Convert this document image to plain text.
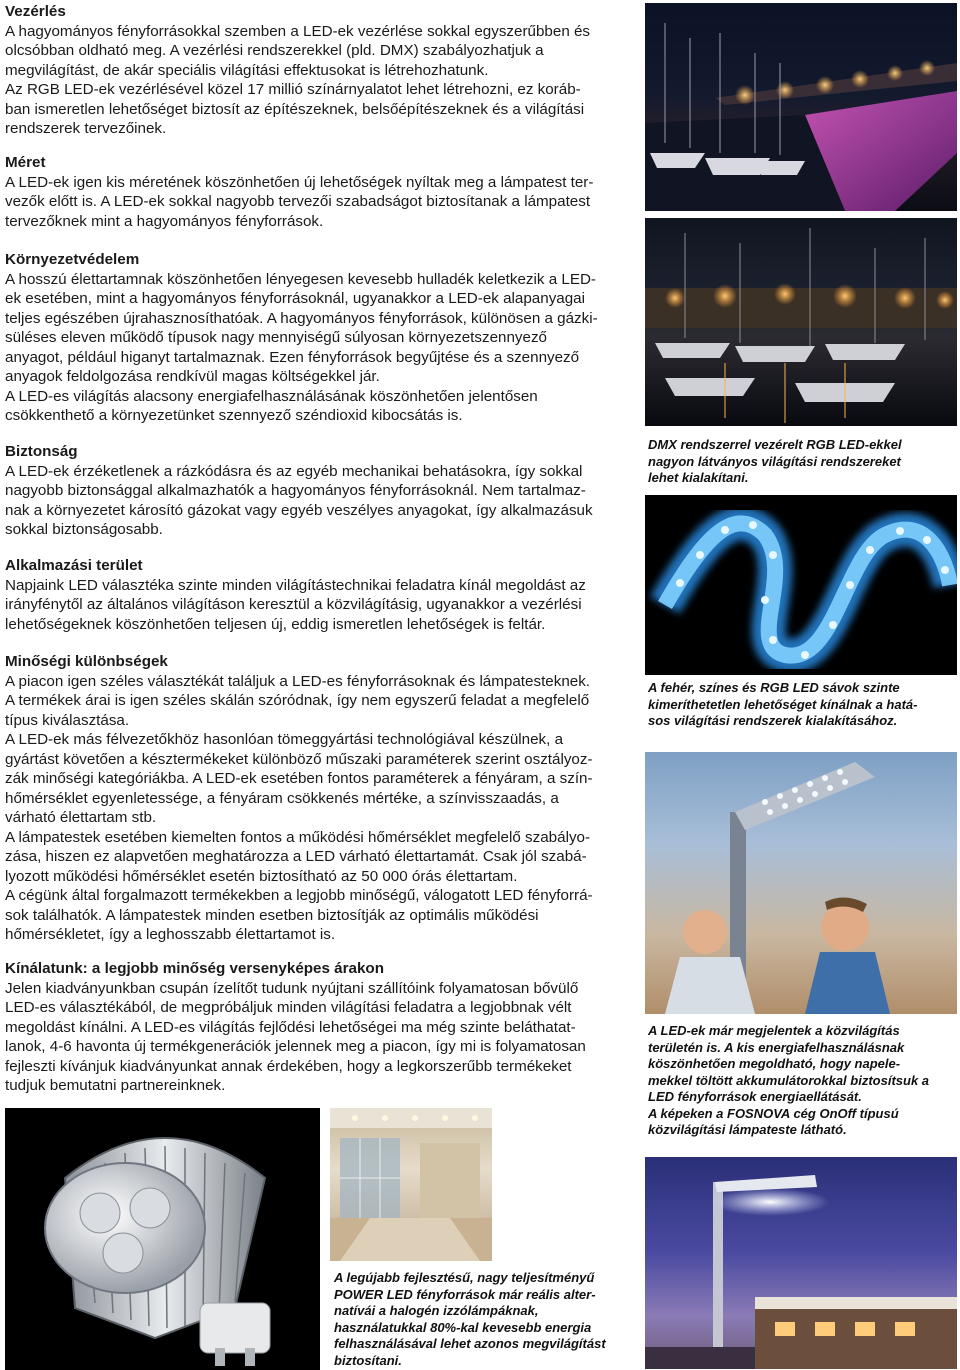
Vezérlés

A hagyományos fényforrásokkal szemben a LED-ek vezérlése sokkal egyszerűbben és

olcsóbban oldható meg. A vezérlési rendszerekkel (pld. DMX) szabályozhatjuk a

megvilágítást, de akár speciális világítási effektusokat is létrehozhatunk.

Az RGB LED-ek vezérlésével közel 17 millió színárnyalatot lehet létrehozni, ez koráb-

ban ismeretlen lehetőséget biztosít az építészeknek, belsőépítészeknek és a világítási

rendszerek tervezőinek.

Méret

A LED-ek igen kis méretének köszönhetően új lehetőségek nyíltak meg a lámpatest ter-

vezők előtt is. A LED-ek sokkal nagyobb tervezői szabadságot biztosítanak a lámpatest

tervezőknek mint a hagyományos fényforrások.

Környezetvédelem

A hosszú élettartamnak köszönhetően lényegesen kevesebb hulladék keletkezik a LED-

ek esetében, mint a hagyományos fényforrásoknál, ugyanakkor a LED-ek alapanyagai

teljes egészében újrahasznosíthatóak. A hagyományos fényforrások, különösen a gázki-

süléses eleven működő típusok nagy mennyiségű súlyosan környezetszennyező

anyagot, például higanyt tartalmaznak. Ezen fényforrások begyűjtése és a szennyező

anyagok feldolgozása rendkívül magas költségekkel jár.

A LED-es világítás alacsony energiafelhasználásának köszönhetően jelentősen

csökkenthető a környezetünket szennyező széndioxid kibocsátás is.

Biztonság

A LED-ek érzéketlenek a rázkódásra és az egyéb mechanikai behatásokra, így sokkal

nagyobb biztonsággal alkalmazhatók a hagyományos fényforrásoknál. Nem tartalmaz-

nak a környezetet károsító gázokat vagy egyéb veszélyes anyagokat, így alkalmazásuk

sokkal biztonságosabb.

Alkalmazási terület

Napjaink LED választéka szinte minden világítástechnikai feladatra kínál megoldást az

irányfénytől az általános világításon keresztül a közvilágításig, ugyanakkor a vezérlési

lehetőségeknek köszönhetően teljesen új, eddig ismeretlen lehetőségek is feltár.

Minőségi különbségek

A piacon igen széles választékát találjuk a LED-es fényforrásoknak és lámpatesteknek.

A termékek árai is igen széles skálán szóródnak, így nem egyszerű feladat a megfelelő

típus kiválasztása.

A LED-ek más félvezetőkhöz hasonlóan tömeggyártási technológiával készülnek, a

gyártást követően a késztermékeket különböző műszaki paraméterek szerint osztályoz-

zák minőségi kategóriákba. A LED-ek esetében fontos paraméterek a fényáram, a szín-

hőmérséklet egyenletessége, a fényáram csökkenés mértéke, a színvisszaadás, a

várható élettartam stb.

A lámpatestek esetében kiemelten fontos a működési hőmérséklet megfelelő szabályo-

zása, hiszen ez alapvetően meghatározza a LED várható élettartamát. Csak jól szabá-

lyozott működési hőmérséklet esetén biztosítható az 50 000 órás élettartam.

A cégünk által forgalmazott termékekben a legjobb minőségű, válogatott LED fényforrá-

sok találhatók. A lámpatestek minden esetben biztosítják az optimális működési

hőmérsékletet, így a leghosszabb élettartamot is.

Kínálatunk: a legjobb minőség versenyképes árakon

Jelen kiadványunkban csupán ízelítőt tudunk nyújtani szállítóink folyamatosan bővülő

LED-es választékából, de megpróbáljuk minden világítási feladatra a legjobbnak vélt

megoldást kínálni. A LED-es világítás fejlődési lehetőségei ma még szinte beláthatat-

lanok, 4-6 havonta új termékgenerációk jelennek meg a piacon, így mi is folyamatosan

fejleszti kívánjuk kiadványunkat annak érdekében, hogy a legkorszerűbb termékeket

tudjuk bemutatni partnereinknek.

DMX rendszerrel vezérelt RGB LED-ekkel
nagyon látványos világítási rendszereket
lehet kialakítani.
A fehér, színes és RGB LED sávok szinte
kimeríthetetlen lehetőséget kínálnak a hatá-
sos világítási rendszerek kialakításához.
A LED-ek már megjelentek a közvilágítás
területén is. A kis energiafelhasználásnak
köszönhetően megoldható, hogy napele-
mekkel töltött akkumulátorokkal biztosítsuk a
LED fényforrások energiaellátását.
A képeken a FOSNOVA cég OnOff típusú
közvilágítási lámpateste látható.
A legújabb fejlesztésű, nagy teljesítményű
POWER LED fényforrások már reális alter-
natívái a halogén izzólámpáknak,
használatukkal 80%-kal kevesebb energia
felhasználásával lehet azonos megvilágítást
biztosítani.
